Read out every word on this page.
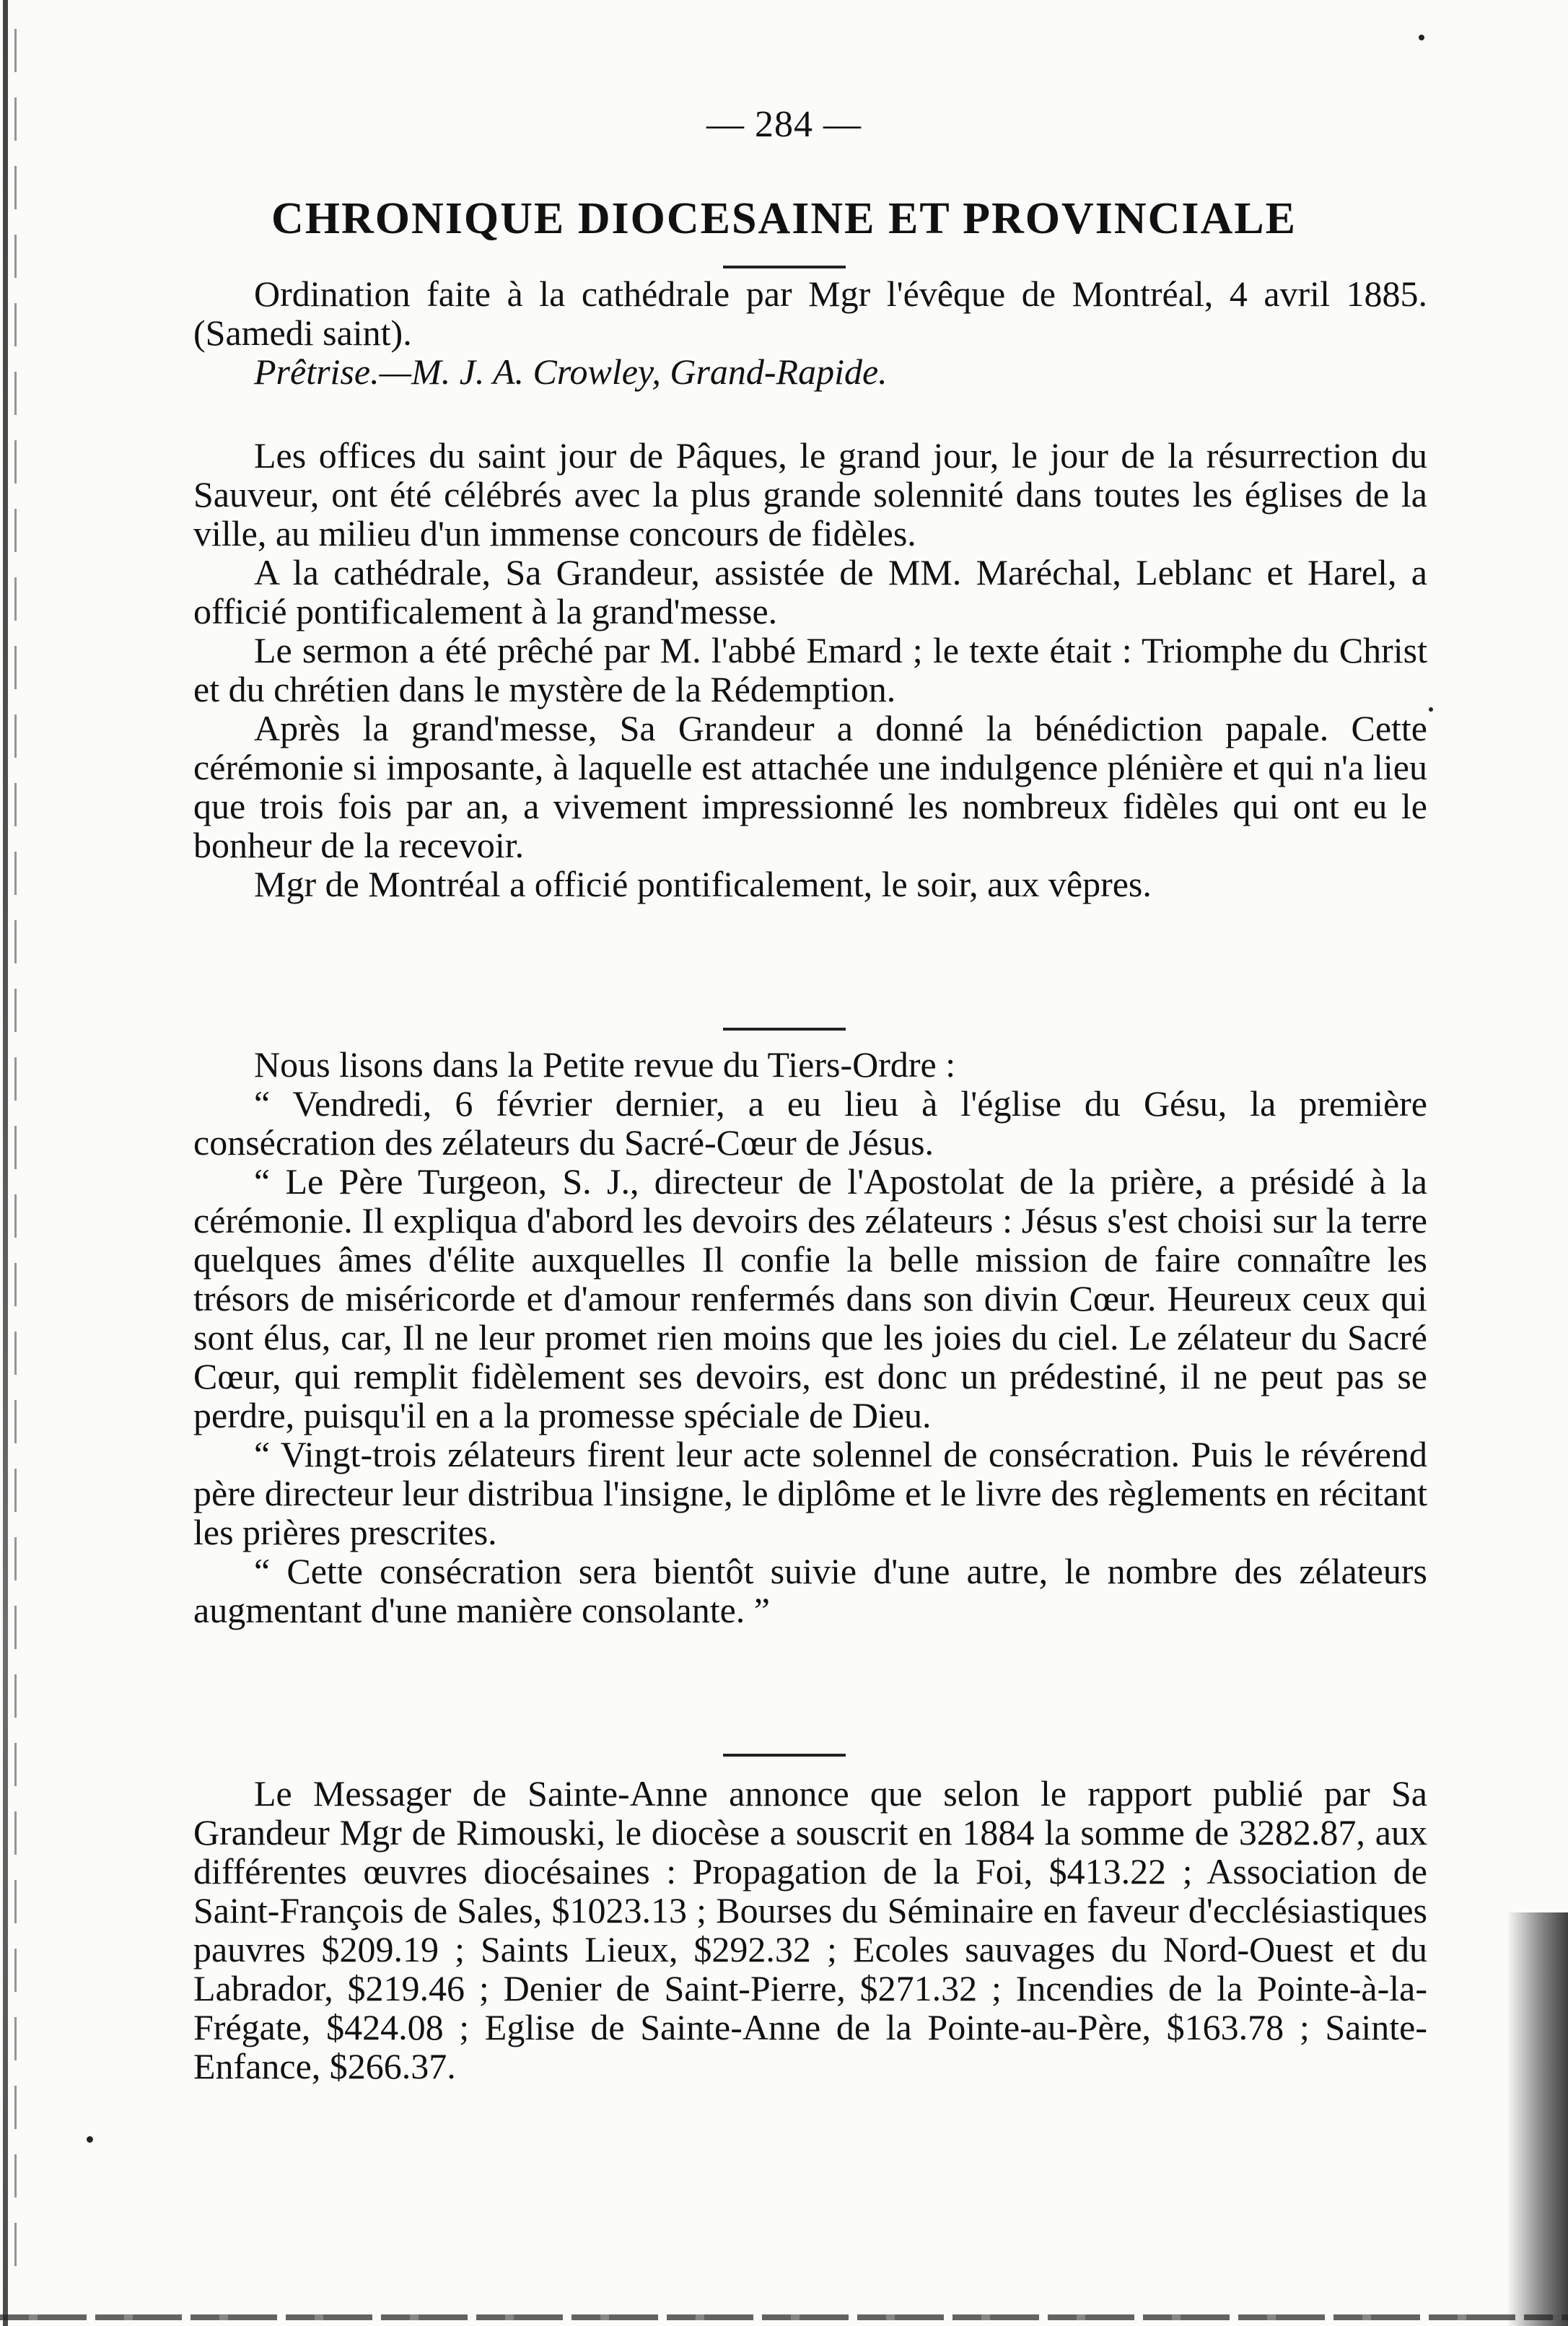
— 284 —
CHRONIQUE DIOCESAINE ET PROVINCIALE

Ordination faite à la cathédrale par Mgr l'évêque de Montréal, 4 avril 1885. (Samedi saint).

Prêtrise.—M. J. A. Crowley, Grand-Rapide.

Les offices du saint jour de Pâques, le grand jour, le jour de la résurrection du Sauveur, ont été célébrés avec la plus grande solennité dans toutes les églises de la ville, au milieu d'un immense concours de fidèles.

A la cathédrale, Sa Grandeur, assistée de MM. Maréchal, Leblanc et Harel, a officié pontificalement à la grand'messe.

Le sermon a été prêché par M. l'abbé Emard ; le texte était : Triomphe du Christ et du chrétien dans le mystère de la Rédemption.

Après la grand'messe, Sa Grandeur a donné la bénédiction papale. Cette cérémonie si imposante, à laquelle est attachée une indulgence plénière et qui n'a lieu que trois fois par an, a vivement impressionné les nombreux fidèles qui ont eu le bonheur de la recevoir.

Mgr de Montréal a officié pontificalement, le soir, aux vêpres.

Nous lisons dans la Petite revue du Tiers-Ordre :

“ Vendredi, 6 février dernier, a eu lieu à l'église du Gésu, la première consécration des zélateurs du Sacré-Cœur de Jésus.

“ Le Père Turgeon, S. J., directeur de l'Apostolat de la prière, a présidé à la cérémonie. Il expliqua d'abord les devoirs des zélateurs : Jésus s'est choisi sur la terre quelques âmes d'élite auxquelles Il confie la belle mission de faire connaître les trésors de miséricorde et d'amour renfermés dans son divin Cœur. Heureux ceux qui sont élus, car, Il ne leur promet rien moins que les joies du ciel. Le zélateur du Sacré Cœur, qui remplit fidèlement ses devoirs, est donc un prédestiné, il ne peut pas se perdre, puisqu'il en a la promesse spéciale de Dieu.

“ Vingt-trois zélateurs firent leur acte solennel de consécration. Puis le révérend père directeur leur distribua l'insigne, le diplôme et le livre des règlements en récitant les prières prescrites.

“ Cette consécration sera bientôt suivie d'une autre, le nombre des zélateurs augmentant d'une manière consolante. ”

Le Messager de Sainte-Anne annonce que selon le rapport publié par Sa Grandeur Mgr de Rimouski, le diocèse a souscrit en 1884 la somme de 3282.87, aux différentes œuvres diocésaines : Propagation de la Foi, $413.22 ; Association de Saint-François de Sales, $1023.13 ; Bourses du Séminaire en faveur d'ecclésiastiques pauvres $209.19 ; Saints Lieux, $292.32 ; Ecoles sauvages du Nord-Ouest et du Labrador, $219.46 ; Denier de Saint-Pierre, $271.32 ; Incendies de la Pointe-à-la-Frégate, $424.08 ; Eglise de Sainte-Anne de la Pointe-au-Père, $163.78 ; Sainte-Enfance, $266.37.
